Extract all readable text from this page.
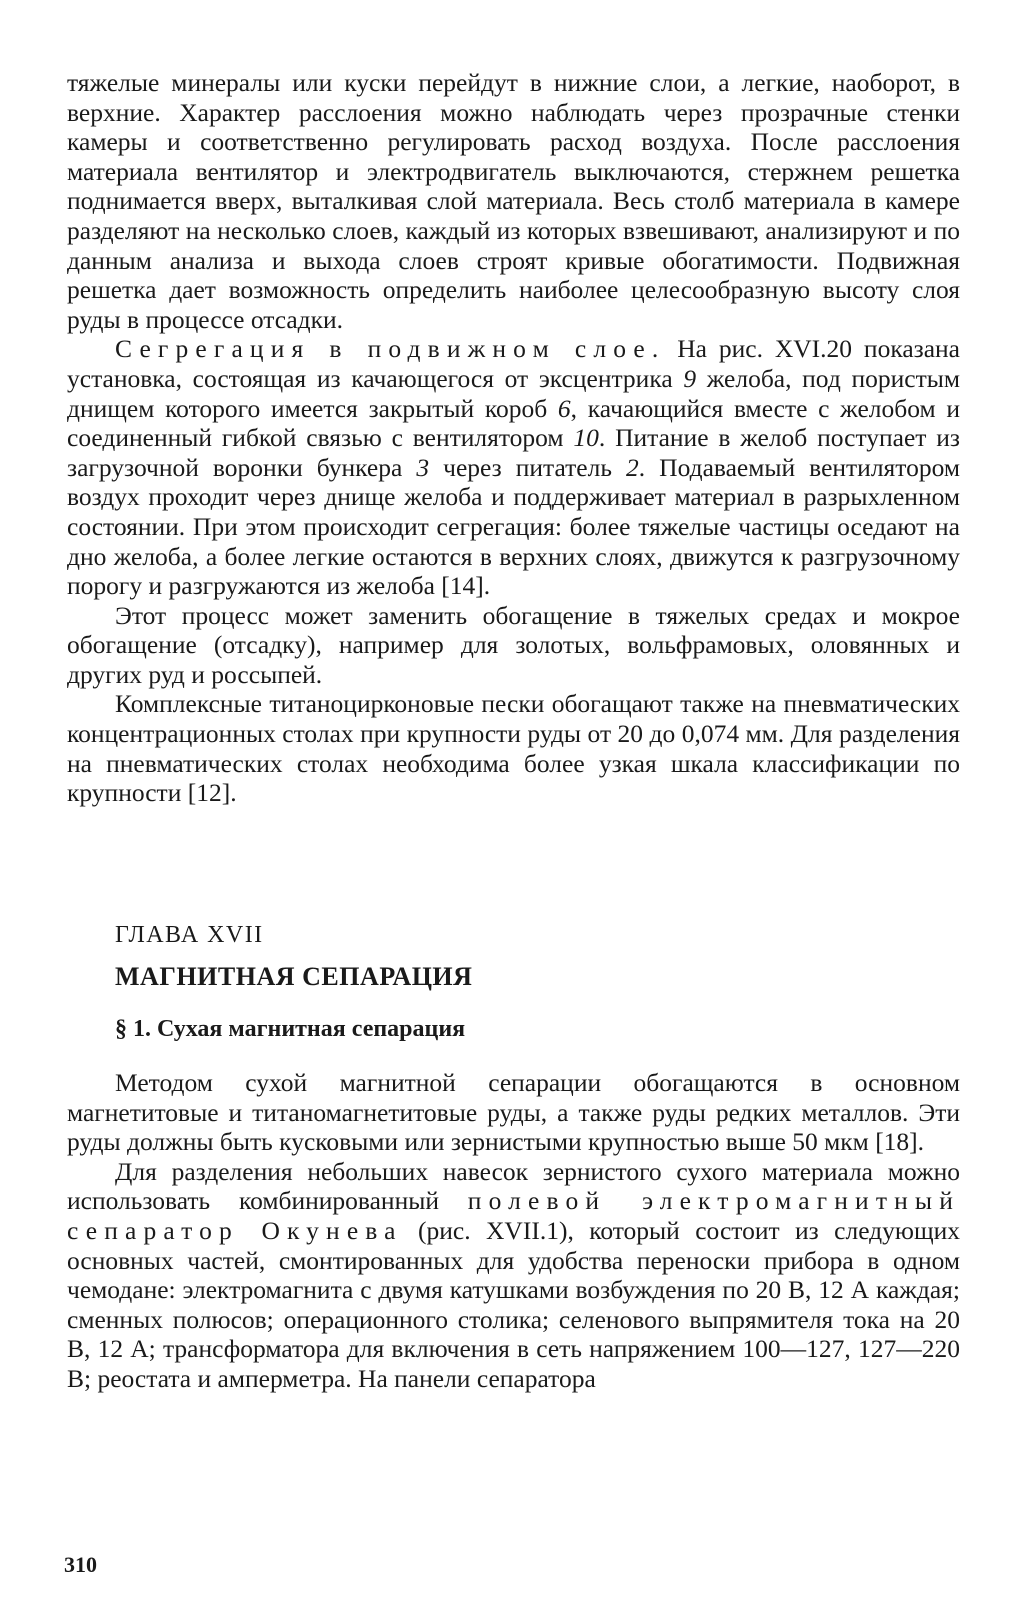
тяжелые минералы или куски перейдут в нижние слои, а легкие, наоборот, в верхние. Характер расслоения можно наблюдать через прозрачные стенки камеры и соответственно регулировать расход воздуха. После расслоения материала вентилятор и электродвигатель выключаются, стержнем решетка поднимается вверх, выталкивая слой материала. Весь столб материала в камере разделяют на несколько слоев, каждый из которых взвешивают, анализируют и по данным анализа и выхода слоев строят кривые обогатимости. Подвижная решетка дает возможность определить наиболее целесообразную высоту слоя руды в процессе отсадки.

Сегрегация в подвижном слое. На рис. XVI.20 показана установка, состоящая из качающегося от эксцентрика 9 желоба, под пористым днищем которого имеется закрытый короб 6, качающийся вместе с желобом и соединенный гибкой связью с вентилятором 10. Питание в желоб поступает из загрузочной воронки бункера 3 через питатель 2. Подаваемый вентилятором воздух проходит через днище желоба и поддерживает материал в разрыхленном состоянии. При этом происходит сегрегация: более тяжелые частицы оседают на дно желоба, а более легкие остаются в верхних слоях, движутся к разгрузочному порогу и разгружаются из желоба [14].

Этот процесс может заменить обогащение в тяжелых средах и мокрое обогащение (отсадку), например для золотых, вольфрамовых, оловянных и других руд и россыпей.

Комплексные титаноцирконовые пески обогащают также на пневматических концентрационных столах при крупности руды от 20 до 0,074 мм. Для разделения на пневматических столах необходима более узкая шкала классификации по крупности [12].

ГЛАВА XVII

МАГНИТНАЯ СЕПАРАЦИЯ

§ 1. Сухая магнитная сепарация

Методом сухой магнитной сепарации обогащаются в основном магнетитовые и титаномагнетитовые руды, а также руды редких металлов. Эти руды должны быть кусковыми или зернистыми крупностью выше 50 мкм [18].

Для разделения небольших навесок зернистого сухого материала можно использовать комбинированный полевой электромагнитный сепаратор Окунева (рис. XVII.1), который состоит из следующих основных частей, смонтированных для удобства переноски прибора в одном чемодане: электромагнита с двумя катушками возбуждения по 20 В, 12 А каждая; сменных полюсов; операционного столика; селенового выпрямителя тока на 20 В, 12 А; трансформатора для включения в сеть напряжением 100—127, 127—220 В; реостата и амперметра. На панели сепаратора

310
